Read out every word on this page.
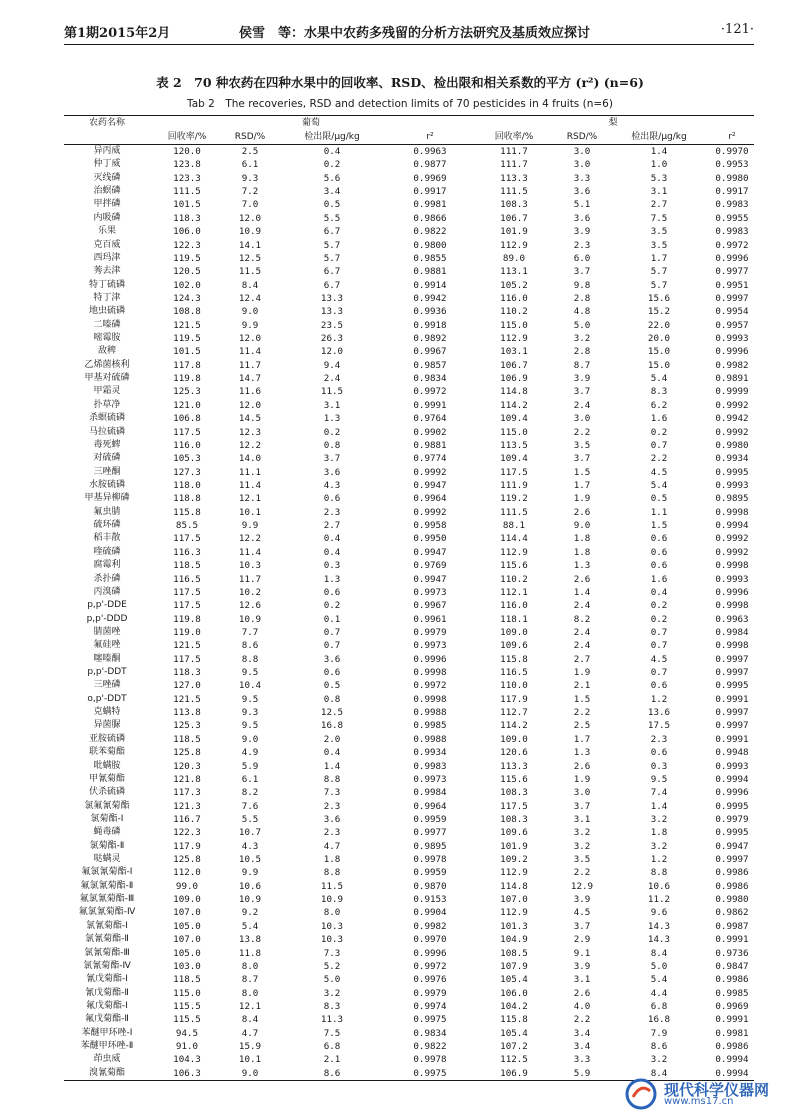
第1期2015年2月	侯雪　等：水果中农药多残留的分析方法研究及基质效应探讨	·121·
表 2　70 种农药在四种水果中的回收率、RSD、检出限和相关系数的平方 (r²) (n=6)
Tab 2　The recoveries, RSD and detection limits of 70 pesticides in 4 fruits (n=6)
农药名称	葡萄	梨
回收率/%	RSD/%	检出限/μg/kg	r²	回收率/%	RSD/%	检出限/μg/kg	r²
异丙威	120.0	2.5	0.4	0.9963	111.7	3.0	1.4	0.9970
仲丁威	123.8	6.1	0.2	0.9877	111.7	3.0	1.0	0.9953
灭线磷	123.3	9.3	5.6	0.9969	113.3	3.3	5.3	0.9980
治螟磷	111.5	7.2	3.4	0.9917	111.5	3.6	3.1	0.9917
甲拌磷	101.5	7.0	0.5	0.9981	108.3	5.1	2.7	0.9983
内吸磷	118.3	12.0	5.5	0.9866	106.7	3.6	7.5	0.9955
乐果	106.0	10.9	6.7	0.9822	101.9	3.9	3.5	0.9983
克百威	122.3	14.1	5.7	0.9800	112.9	2.3	3.5	0.9972
西玛津	119.5	12.5	5.7	0.9855	89.0	6.0	1.7	0.9996
莠去津	120.5	11.5	6.7	0.9881	113.1	3.7	5.7	0.9977
特丁硫磷	102.0	8.4	6.7	0.9914	105.2	9.8	5.7	0.9951
特丁津	124.3	12.4	13.3	0.9942	116.0	2.8	15.6	0.9997
地虫硫磷	108.8	9.0	13.3	0.9936	110.2	4.8	15.2	0.9954
二嗪磷	121.5	9.9	23.5	0.9918	115.0	5.0	22.0	0.9957
嘧霉胺	119.5	12.0	26.3	0.9892	112.9	3.2	20.0	0.9993
敌稗	101.5	11.4	12.0	0.9967	103.1	2.8	15.0	0.9996
乙烯菌核利	117.8	11.7	9.4	0.9857	106.7	8.7	15.0	0.9982
甲基对硫磷	119.8	14.7	2.4	0.9834	106.9	3.9	5.4	0.9891
甲霜灵	125.3	11.6	11.5	0.9972	114.8	3.7	8.3	0.9999
扑草净	121.0	12.0	3.1	0.9991	114.2	2.4	6.2	0.9992
杀螟硫磷	106.8	14.5	1.3	0.9764	109.4	3.0	1.6	0.9942
马拉硫磷	117.5	12.3	0.2	0.9902	115.0	2.2	0.2	0.9992
毒死蜱	116.0	12.2	0.8	0.9881	113.5	3.5	0.7	0.9980
对硫磷	105.3	14.0	3.7	0.9774	109.4	3.7	2.2	0.9934
三唑酮	127.3	11.1	3.6	0.9992	117.5	1.5	4.5	0.9995
水胺硫磷	118.0	11.4	4.3	0.9947	111.9	1.7	5.4	0.9993
甲基异柳磷	118.8	12.1	0.6	0.9964	119.2	1.9	0.5	0.9895
氟虫腈	115.8	10.1	2.3	0.9992	111.5	2.6	1.1	0.9998
硫环磷	85.5	9.9	2.7	0.9958	88.1	9.0	1.5	0.9994
稻丰散	117.5	12.2	0.4	0.9950	114.4	1.8	0.6	0.9992
喹硫磷	116.3	11.4	0.4	0.9947	112.9	1.8	0.6	0.9992
腐霉利	118.5	10.3	0.3	0.9769	115.6	1.3	0.6	0.9998
杀扑磷	116.5	11.7	1.3	0.9947	110.2	2.6	1.6	0.9993
丙溴磷	117.5	10.2	0.6	0.9973	112.1	1.4	0.4	0.9996
p,p'-DDE	117.5	12.6	0.2	0.9967	116.0	2.4	0.2	0.9998
p,p'-DDD	119.8	10.9	0.1	0.9961	118.1	8.2	0.2	0.9963
腈菌唑	119.0	7.7	0.7	0.9979	109.0	2.4	0.7	0.9984
氟硅唑	121.5	8.6	0.7	0.9973	109.6	2.4	0.7	0.9998
噻嗪酮	117.5	8.8	3.6	0.9996	115.8	2.7	4.5	0.9997
p,p'-DDT	118.3	9.5	0.6	0.9998	116.5	1.9	0.7	0.9997
三唑磷	127.0	10.4	0.5	0.9972	110.0	2.1	0.6	0.9995
o,p'-DDT	121.5	9.5	0.8	0.9998	117.9	1.5	1.2	0.9991
克螨特	113.8	9.3	12.5	0.9988	112.7	2.2	13.6	0.9997
异菌脲	125.3	9.5	16.8	0.9985	114.2	2.5	17.5	0.9997
亚胺硫磷	118.5	9.0	2.0	0.9988	109.0	1.7	2.3	0.9991
联苯菊酯	125.8	4.9	0.4	0.9934	120.6	1.3	0.6	0.9948
吡螨胺	120.3	5.9	1.4	0.9983	113.3	2.6	0.3	0.9993
甲氰菊酯	121.8	6.1	8.8	0.9973	115.6	1.9	9.5	0.9994
伏杀硫磷	117.3	8.2	7.3	0.9984	108.3	3.0	7.4	0.9996
氯氟氰菊酯	121.3	7.6	2.3	0.9964	117.5	3.7	1.4	0.9995
氯菊酯-Ⅰ	116.7	5.5	3.6	0.9959	108.3	3.1	3.2	0.9979
蝇毒磷	122.3	10.7	2.3	0.9977	109.6	3.2	1.8	0.9995
氯菊酯-Ⅱ	117.9	4.3	4.7	0.9895	101.9	3.2	3.2	0.9947
哒螨灵	125.8	10.5	1.8	0.9978	109.2	3.5	1.2	0.9997
氟氯氰菊酯-Ⅰ	112.0	9.9	8.8	0.9959	112.9	2.2	8.8	0.9986
氟氯氰菊酯-Ⅱ	99.0	10.6	11.5	0.9870	114.8	12.9	10.6	0.9986
氟氯氰菊酯-Ⅲ	109.0	10.9	10.9	0.9153	107.0	3.9	11.2	0.9980
氟氯氰菊酯-Ⅳ	107.0	9.2	8.0	0.9904	112.9	4.5	9.6	0.9862
氯氰菊酯-Ⅰ	105.0	5.4	10.3	0.9982	101.3	3.7	14.3	0.9987
氯氰菊酯-Ⅱ	107.0	13.8	10.3	0.9970	104.9	2.9	14.3	0.9991
氯氰菊酯-Ⅲ	105.0	11.8	7.3	0.9996	108.5	9.1	8.4	0.9736
氯氰菊酯-Ⅳ	103.0	8.0	5.2	0.9972	107.9	3.9	5.0	0.9847
氰戊菊酯-Ⅰ	118.5	8.7	5.0	0.9976	105.4	3.1	5.4	0.9986
氰戊菊酯-Ⅱ	115.0	8.0	3.2	0.9979	106.0	2.6	4.4	0.9985
氟戊菊酯-Ⅰ	115.5	12.1	8.3	0.9974	104.2	4.0	6.8	0.9969
氟戊菊酯-Ⅱ	115.5	8.4	11.3	0.9975	115.8	2.2	16.8	0.9991
苯醚甲环唑-Ⅰ	94.5	4.7	7.5	0.9834	105.4	3.4	7.9	0.9981
苯醚甲环唑-Ⅱ	91.0	15.9	6.8	0.9822	107.2	3.4	8.6	0.9986
茚虫威	104.3	10.1	2.1	0.9978	112.5	3.3	3.2	0.9994
溴氰菊酯	106.3	9.0	8.6	0.9975	106.9	5.9	8.4	0.9994
现代科学仪器网
www.ms17.cn
